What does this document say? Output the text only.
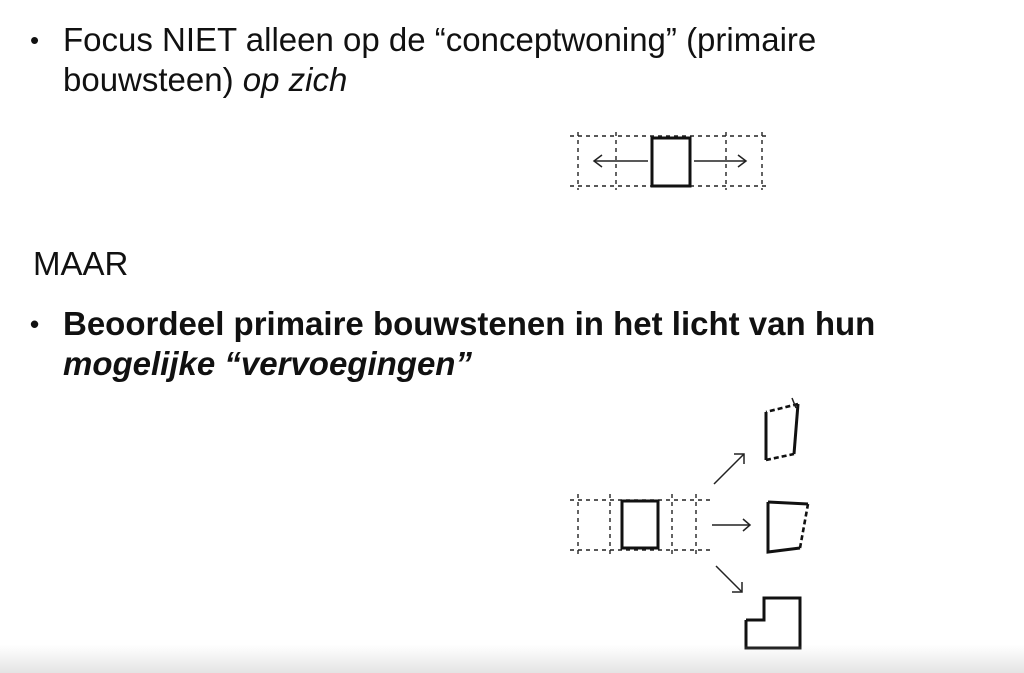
• Focus NIET alleen op de “conceptwoning” (primaire bouwsteen) op zich
MAAR
• Beoordeel primaire bouwstenen in het licht van hun mogelijke “vervoegingen”
